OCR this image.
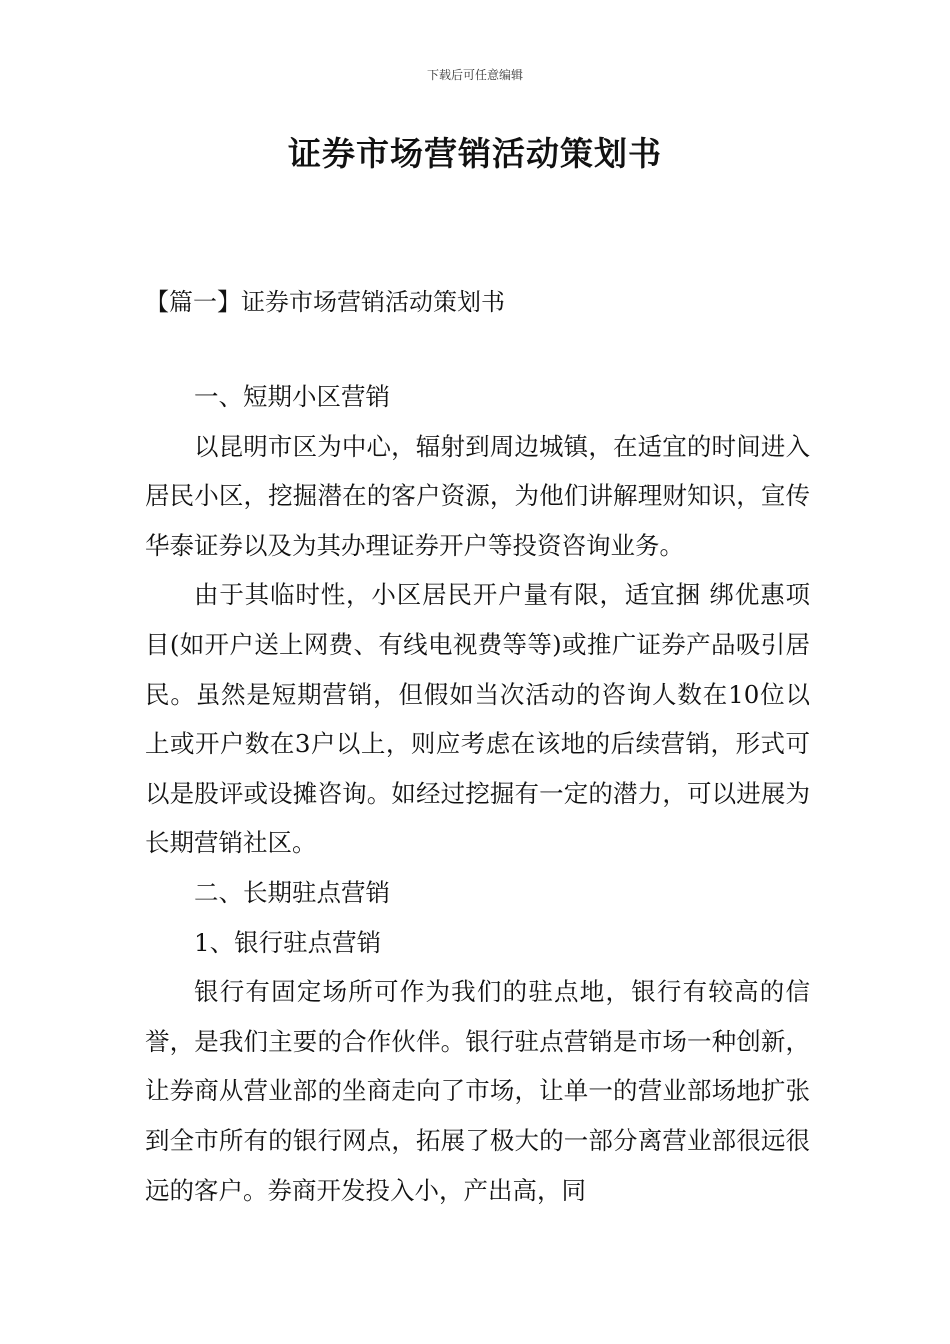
下载后可任意编辑
证券市场营销活动策划书
【篇一】证券市场营销活动策划书

一、短期小区营销

以昆明市区为中心，辐射到周边城镇，在适宜的时间进入居民小区，挖掘潜在的客户资源，为他们讲解理财知识，宣传华泰证券以及为其办理证券开户等投资咨询业务。

由于其临时性，小区居民开户量有限，适宜捆 绑优惠项目(如开户送上网费、有线电视费等等)或推广证券产品吸引居民。虽然是短期营销，但假如当次活动的咨询人数在10位以上或开户数在3户以上，则应考虑在该地的后续营销，形式可以是股评或设摊咨询。如经过挖掘有一定的潜力，可以进展为长期营销社区。

二、长期驻点营销

1、银行驻点营销

银行有固定场所可作为我们的驻点地，银行有较高的信誉，是我们主要的合作伙伴。银行驻点营销是市场一种创新，让券商从营业部的坐商走向了市场，让单一的营业部场地扩张到全市所有的银行网点，拓展了极大的一部分离营业部很远很远的客户。券商开发投入小，产出高，同
